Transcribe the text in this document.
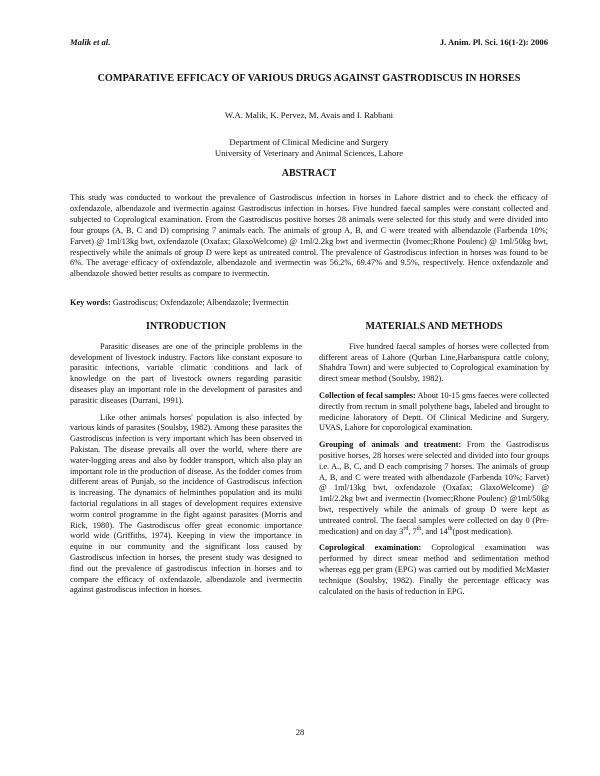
Malik et al.	J. Anim. Pl. Sci. 16(1-2): 2006
COMPARATIVE EFFICACY OF VARIOUS DRUGS AGAINST GASTRODISCUS IN HORSES
W.A. Malik, K. Pervez, M. Avais and I. Rabbani
Department of Clinical Medicine and Surgery
University of Veterinary and Animal Sciences, Lahore
ABSTRACT
This study was conducted to workout the prevalence of Gastrodiscus infection in horses in Lahore district and to check the efficacy of oxfendazole, albendazole and ivermectin against Gastrodiscus infection in horses. Five hundred faecal samples were constant collected and subjected to Coprological examination. From the Gastrodiscus positive horses 28 animals were selected for this study and were divided into four groups (A, B, C and D) comprising 7 animals each. The animals of group A, B, and C were treated with albendazole (Farbenda 10%; Farvet) @ 1ml/13kg bwt, oxfendazole (Oxafax; GlaxoWelcome) @ 1ml/2.2kg bwt and ivermectin (Ivomec;Rhone Poulenc) @ 1ml/50kg bwt, respectively while the animals of group D were kept as untreated control. The prevalence of Gastrodiscus infection in horses was found to be 6%. The average efficacy of oxfendazole, albendazole and ivermectin was 56.2%, 69.47% and 9.5%, respectively. Hence oxfendazole and albendazole showed better results as compare to ivermectin.
Key words: Gastrodiscus; Oxfendazole; Albendazole; Ivermectin
INTRODUCTION

Parasitic diseases are one of the principle problems in the development of livestock industry. Factors like constant exposure to parasitic infections, variable climatic conditions and lack of knowledge on the part of livestock owners regarding parasitic diseases play an important role in the development of parasites and parasitic diseases (Durrani, 1991).

Like other animals horses' population is also infected by various kinds of parasites (Soulsby, 1982). Among these parasites the Gastrodiscus infection is very important which has been observed in Pakistan. The disease prevails all over the world, where there are water-logging areas and also by fodder transport, which also play an important role in the production of disease. As the fodder comes from different areas of Punjab, so the incidence of Gastrodiscus infection is increasing. The dynamics of helminthes population and its multi factorial regulations in all stages of development requires extensive worm control programme in the fight against parasites (Morris and Rick, 1980). The Gastrodiscus offer great economic importance world wide (Griffiths, 1974). Keeping in view the importance in equine in our community and the significant loss caused by Gastrodiscus infection in horses, the present study was designed to find out the prevalence of gastrodiscus infection in horses and to compare the efficacy of oxfendazole, albendazole and ivermectin against gastrodiscus infection in horses.

MATERIALS AND METHODS

Five hundred faecal samples of horses were collected from different areas of Lahore (Qurban Line,Harbanspura cattle colony, Shahdra Town) and were subjected to Coprological examination by direct smear method (Soulsby, 1982).

Collection of fecal samples: About 10-15 gms faeces were collected directly from rectum in small polythene bags, labeled and brought to medicine laboratory of Deptt. Of Clinical Medicine and Surgery, UVAS, Lahore for coporological examination.

Grouping of animals and treatment: From the Gastrodiscus positive horses, 28 horses were selected and divided into four groups i.e. A., B, C, and D each comprising 7 horses. The animals of group A, B, and C were treated with albendazole (Farbenda 10%; Farvet) @ 1ml/13kg bwt, oxfendazole (Oxafax; GlaxoWelcome) @ 1ml/2.2kg bwt and ivermectin (Ivomec;Rhone Poulenc) @1ml/50kg bwt, respectively while the animals of group D were kept as untreated control. The faecal samples were collected on day 0 (Pre-medication) and on day 3rd, 7th, and 14th(post medication).

Coprological examination: Coprological examination was performed by direct smear method and sedimentation method whereas egg per gram (EPG) was carried out by modified McMaster technique (Soulsby, 1982). Finally the percentage efficacy was calculated on the basis of reduction in EPG.

28
